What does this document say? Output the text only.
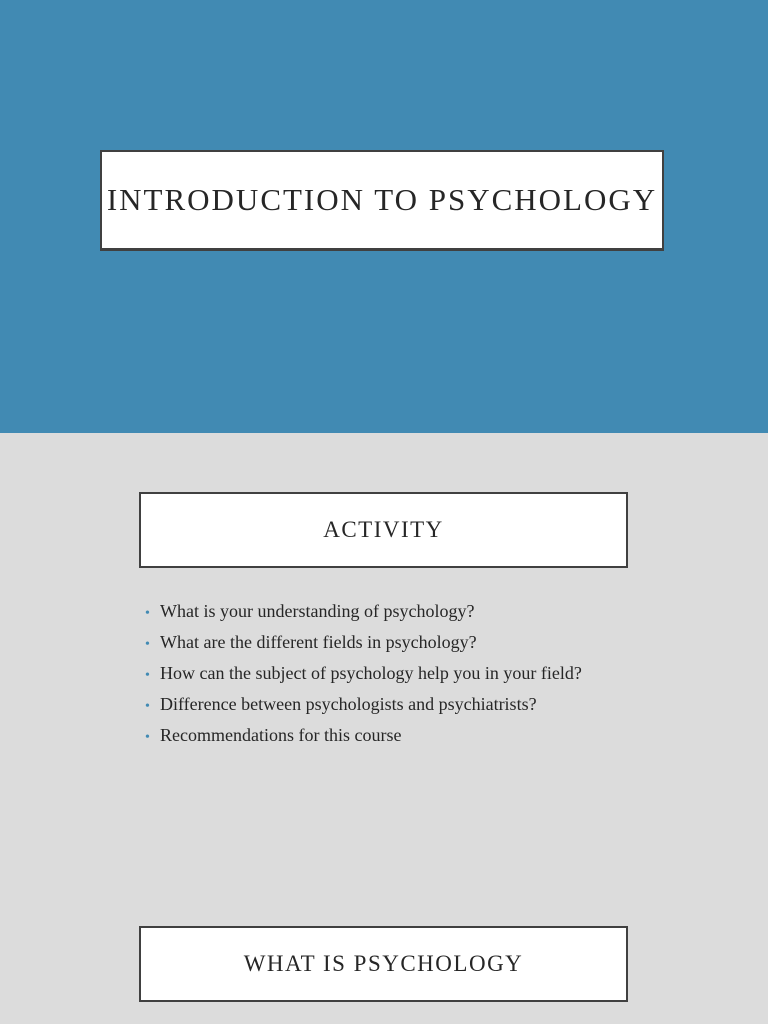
INTRODUCTION TO PSYCHOLOGY
ACTIVITY
• What is your understanding of psychology?
• What are the different fields in psychology?
• How can the subject of psychology help you in your field?
• Difference between psychologists and psychiatrists?
• Recommendations for this course
WHAT IS PSYCHOLOGY
